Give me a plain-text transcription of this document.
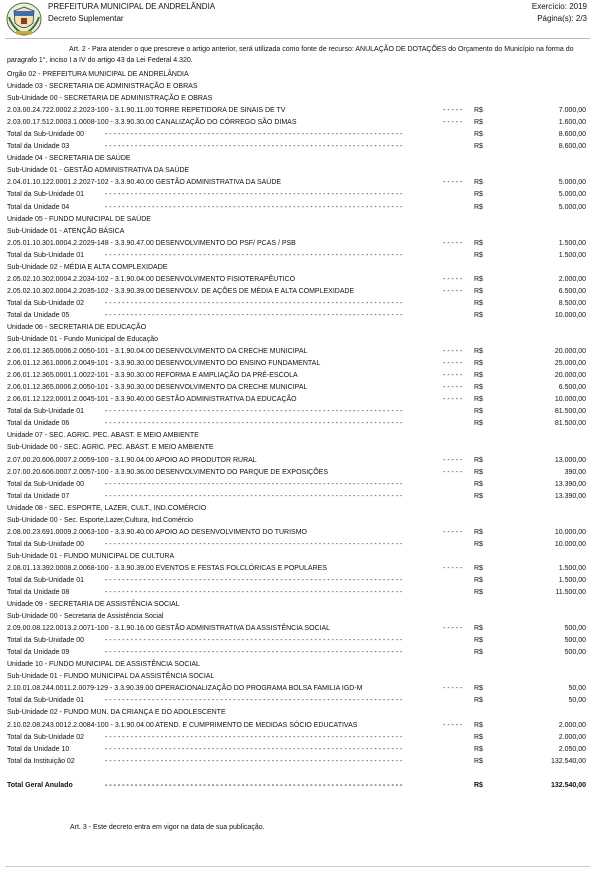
PREFEITURA MUNICIPAL DE ANDRELÂNDIA
Decreto Suplementar
Exercício: 2019
Página(s): 2/3

Art. 2 - Para atender o que prescreve o artigo anterior, será utilizada como fonte de recurso: ANULAÇÃO DE DOTAÇÕES do Orçamento do Município na forma do paragrafo 1°, inciso I a IV do artigo 43 da Lei Federal 4.320.

Orgão 02 - PREFEITURA MUNICIPAL DE ANDRELÂNDIA
Unidade 03 - SECRETARIA DE ADMINISTRAÇÃO E OBRAS
Sub-Unidade 00 - SECRETARIA DE ADMINISTRAÇÃO E OBRAS
2.03.00.24.722.0002.2.2023-100 - 3.1.90.11.00 TORRE REPETIDORA DE SINAIS DE TV	- - - - - R$	7.000,00
2.03.00.17.512.0003.1.0008-100 - 3.3.90.30.00 CANALIZAÇÃO DO CÓRREGO SÃO DIMAS	- - - - - R$	1.600,00
Total da Sub-Unidade 00	- - - - - - - - - - - - - - - - - - - - - - - - - - - - - - - - - - - - - - - - - - - - - - - - - - - - - - - - - - - - - - - - - - - - - -	R$	8.600,00
Total da Unidade 03	- - - - - - - - - - - - - - - - - - - - - - - - - - - - - - - - - - - - - - - - - - - - - - - - - - - - - - - - - - - - - - - - - - - - - -	R$	8.600,00
Unidade 04 - SECRETARIA DE SAÚDE
Sub-Unidade 01 - GESTÃO ADMINISTRATIVA DA SAÚDE
2.04.01.10.122.0001.2.2027-102 - 3.3.90.40.00 GESTÃO ADMINISTRATIVA DA SAÚDE	- - - - - R$	5.000,00
Total da Sub-Unidade 01	- - - - - - - - - - - - - - - - - - - - - - - - - - - - - - - - - - - - - - - - - - - - - - - - - - - - - - - - - - - - - - - - - - - - - -	R$	5.000,00
Total da Unidade 04	- - - - - - - - - - - - - - - - - - - - - - - - - - - - - - - - - - - - - - - - - - - - - - - - - - - - - - - - - - - - - - - - - - - - - -	R$	5.000,00
Unidade 05 - FUNDO MUNICIPAL DE SAÚDE
Sub-Unidade 01 - ATENÇÃO BÁSICA
2.05.01.10.301.0004.2.2029-148 - 3.3.90.47.00 DESENVOLVIMENTO DO PSF/ PCAS / PSB	- - - - - R$	1.500,00
Total da Sub-Unidade 01	- - - - - - - - - - - - - - - - - - - - - - - - - - - - - - - - - - - - - - - - - - - - - - - - - - - - - - - - - - - - - - - - - - - - - -	R$	1.500,00
Sub-Unidade 02 - MÉDIA E ALTA COMPLEXIDADE
2.05.02.10.302.0004.2.2034-102 - 3.1.90.04.00 DESENVOLVIMENTO FISIOTERAPÊUTICO	- - - - - R$	2.000,00
2.05.02.10.302.0004.2.2035-102 - 3.3.90.39.00 DESENVOLV. DE AÇÕES DE MÉDIA E ALTA COMPLEXIDADE	- - - - - R$	6.500,00
Total da Sub-Unidade 02	- - - - - - - - - - - - - - - - - - - - - - - - - - - - - - - - - - - - - - - - - - - - - - - - - - - - - - - - - - - - - - - - - - - - - -	R$	8.500,00
Total da Unidade 05	- - - - - - - - - - - - - - - - - - - - - - - - - - - - - - - - - - - - - - - - - - - - - - - - - - - - - - - - - - - - - - - - - - - - - -	R$	10.000,00
Unidade 06 - SECRETARIA DE EDUCAÇÃO
Sub-Unidade 01 - Fundo Municipal de Educação
2.06.01.12.365.0006.2.0050-101 - 3.1.90.04.00 DESENVOLVIMENTO DA CRECHE MUNICIPAL	- - - - - R$	20.000,00
2.06.01.12.361.0006.2.0049-101 - 3.3.90.30.00 DESENVOLVIMENTO DO ENSINO FUNDAMENTAL	- - - - - R$	25.000,00
2.06.01.12.365.0001.1.0022-101 - 3.3.90.30.00 REFORMA E AMPLIAÇÃO DA PRÉ-ESCOLA	- - - - - R$	20.000,00
2.06.01.12.365.0006.2.0050-101 - 3.3.90.30.00 DESENVOLVIMENTO DA CRECHE MUNICIPAL	- - - - - R$	6.500,00
2.06.01.12.122.0001.2.0045-101 - 3.3.90.40.00 GESTÃO ADMINISTRATIVA DA EDUCAÇÃO	- - - - - R$	10.000,00
Total da Sub-Unidade 01	- - - - - - - - - - - - - - - - - - - - - - - - - - - - - - - - - - - - - - - - - - - - - - - - - - - - - - - - - - - - - - - - - - - - - -	R$	81.500,00
Total da Unidade 06	- - - - - - - - - - - - - - - - - - - - - - - - - - - - - - - - - - - - - - - - - - - - - - - - - - - - - - - - - - - - - - - - - - - - - -	R$	81.500,00
Unidade 07 - SEC. AGRIC. PEC. ABAST. E MEIO AMBIENTE
Sub-Unidade 00 - SEC. AGRIC. PEC. ABAST. E MEIO AMBIENTE
2.07.00.20.606.0007.2.0059-100 - 3.1.90.04.00 APOIO AO PRODUTOR RURAL	- - - - - R$	13.000,00
2.07.00.20.606.0007.2.0057-100 - 3.3.90.36.00 DESENVOLVIMENTO DO PARQUE DE EXPOSIÇÕES	- - - - - R$	390,00
Total da Sub-Unidade 00	- - - - - - - - - - - - - - - - - - - - - - - - - - - - - - - - - - - - - - - - - - - - - - - - - - - - - - - - - - - - - - - - - - - - - -	R$	13.390,00
Total da Unidade 07	- - - - - - - - - - - - - - - - - - - - - - - - - - - - - - - - - - - - - - - - - - - - - - - - - - - - - - - - - - - - - - - - - - - - - -	R$	13.390,00
Unidade 08 - SEC. ESPORTE, LAZER, CULT., IND.COMÉRCIO
Sub-Unidade 00 - Sec. Esporte,Lazer,Cultura, Ind.Comércio
2.08.00.23.691.0009.2.0063-100 - 3.3.90.40.00 APOIO AO DESENVOLVIMENTO DO TURISMO	- - - - - R$	10.000,00
Total da Sub-Unidade 00	- - - - - - - - - - - - - - - - - - - - - - - - - - - - - - - - - - - - - - - - - - - - - - - - - - - - - - - - - - - - - - - - - - - - - -	R$	10.000,00
Sub-Unidade 01 - FUNDO MUNICIPAL DE CULTURA
2.08.01.13.392.0008.2.0068-100 - 3.3.90.39.00 EVENTOS E FESTAS FOLCLÓRICAS E POPULARES	- - - - - R$	1.500,00
Total da Sub-Unidade 01	- - - - - - - - - - - - - - - - - - - - - - - - - - - - - - - - - - - - - - - - - - - - - - - - - - - - - - - - - - - - - - - - - - - - - -	R$	1.500,00
Total da Unidade 08	- - - - - - - - - - - - - - - - - - - - - - - - - - - - - - - - - - - - - - - - - - - - - - - - - - - - - - - - - - - - - - - - - - - - - -	R$	11.500,00
Unidade 09 - SECRETARIA DE ASSISTÊNCIA SOCIAL
Sub-Unidade 00 - Secretaria de Assistência Social
2.09.00.08.122.0013.2.0071-100 - 3.1.90.16.00 GESTÃO ADMINISTRATIVA DA ASSISTÊNCIA SOCIAL	- - - - - R$	500,00
Total da Sub-Unidade 00	- - - - - - - - - - - - - - - - - - - - - - - - - - - - - - - - - - - - - - - - - - - - - - - - - - - - - - - - - - - - - - - - - - - - - -	R$	500,00
Total da Unidade 09	- - - - - - - - - - - - - - - - - - - - - - - - - - - - - - - - - - - - - - - - - - - - - - - - - - - - - - - - - - - - - - - - - - - - - -	R$	500,00
Unidade 10 - FUNDO MUNICIPAL DE ASSISTÊNCIA SOCIAL
Sub-Unidade 01 - FUNDO MUNICIPAL DA ASSISTÊNCIA SOCIAL
2.10.01.08.244.0011.2.0079-129 - 3.3.90.39.00 OPERACIONALIZAÇÃO DO PROGRAMA BOLSA FAMILIA IGD-M	- - - - - R$	50,00
Total da Sub-Unidade 01	- - - - - - - - - - - - - - - - - - - - - - - - - - - - - - - - - - - - - - - - - - - - - - - - - - - - - - - - - - - - - - - - - - - - - -	R$	50,00
Sub-Unidade 02 - FUNDO MUN. DA CRIANÇA E DO ADOLESCENTE
2.10.02.08.243.0012.2.0084-100 - 3.1.90.04.00 ATEND. E CUMPRIMENTO DE MEDIDAS SÓCIO EDUCATIVAS	- - - - - R$	2.000,00
Total da Sub-Unidade 02	- - - - - - - - - - - - - - - - - - - - - - - - - - - - - - - - - - - - - - - - - - - - - - - - - - - - - - - - - - - - - - - - - - - - - -	R$	2.000,00
Total da Unidade 10	- - - - - - - - - - - - - - - - - - - - - - - - - - - - - - - - - - - - - - - - - - - - - - - - - - - - - - - - - - - - - - - - - - - - - -	R$	2.050,00
Total da Instituição 02	- - - - - - - - - - - - - - - - - - - - - - - - - - - - - - - - - - - - - - - - - - - - - - - - - - - - - - - - - - - - - - - - - - - - - -	R$	132.540,00
Total Geral Anulado	- - - - - - - - - - - - - - - - - - - - - - - - - - - - - - - - - - - - - - - - - - - - - - - - - - - - - - - - - - - - - - - - - - - - - -	R$	132.540,00
Art. 3 - Este decreto entra em vigor na data de sua publicação.
